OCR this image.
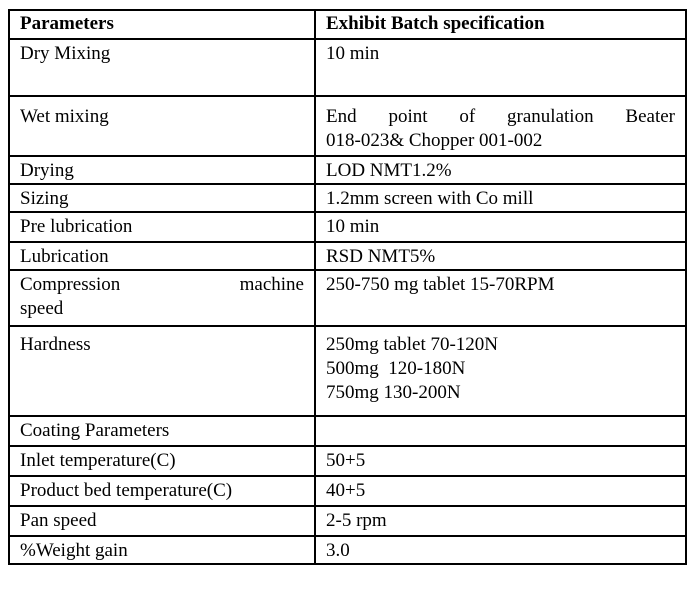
Parameters	Exhibit Batch specification

Dry Mixing	10 min

Wet mixing	End point of granulation Beater
018-023& Chopper 001-002

Drying	LOD NMT1.2%

Sizing	1.2mm screen with Co mill

Pre lubrication	10 min

Lubrication	RSD NMT5%

Compression machine
speed	250-750 mg tablet 15-70RPM

Hardness	250mg tablet 70-120N
500mg  120-180N
750mg 130-200N

Coating Parameters	

Inlet temperature(C)	50+5

Product bed temperature(C)	40+5

Pan speed	2-5 rpm

%Weight gain	3.0
